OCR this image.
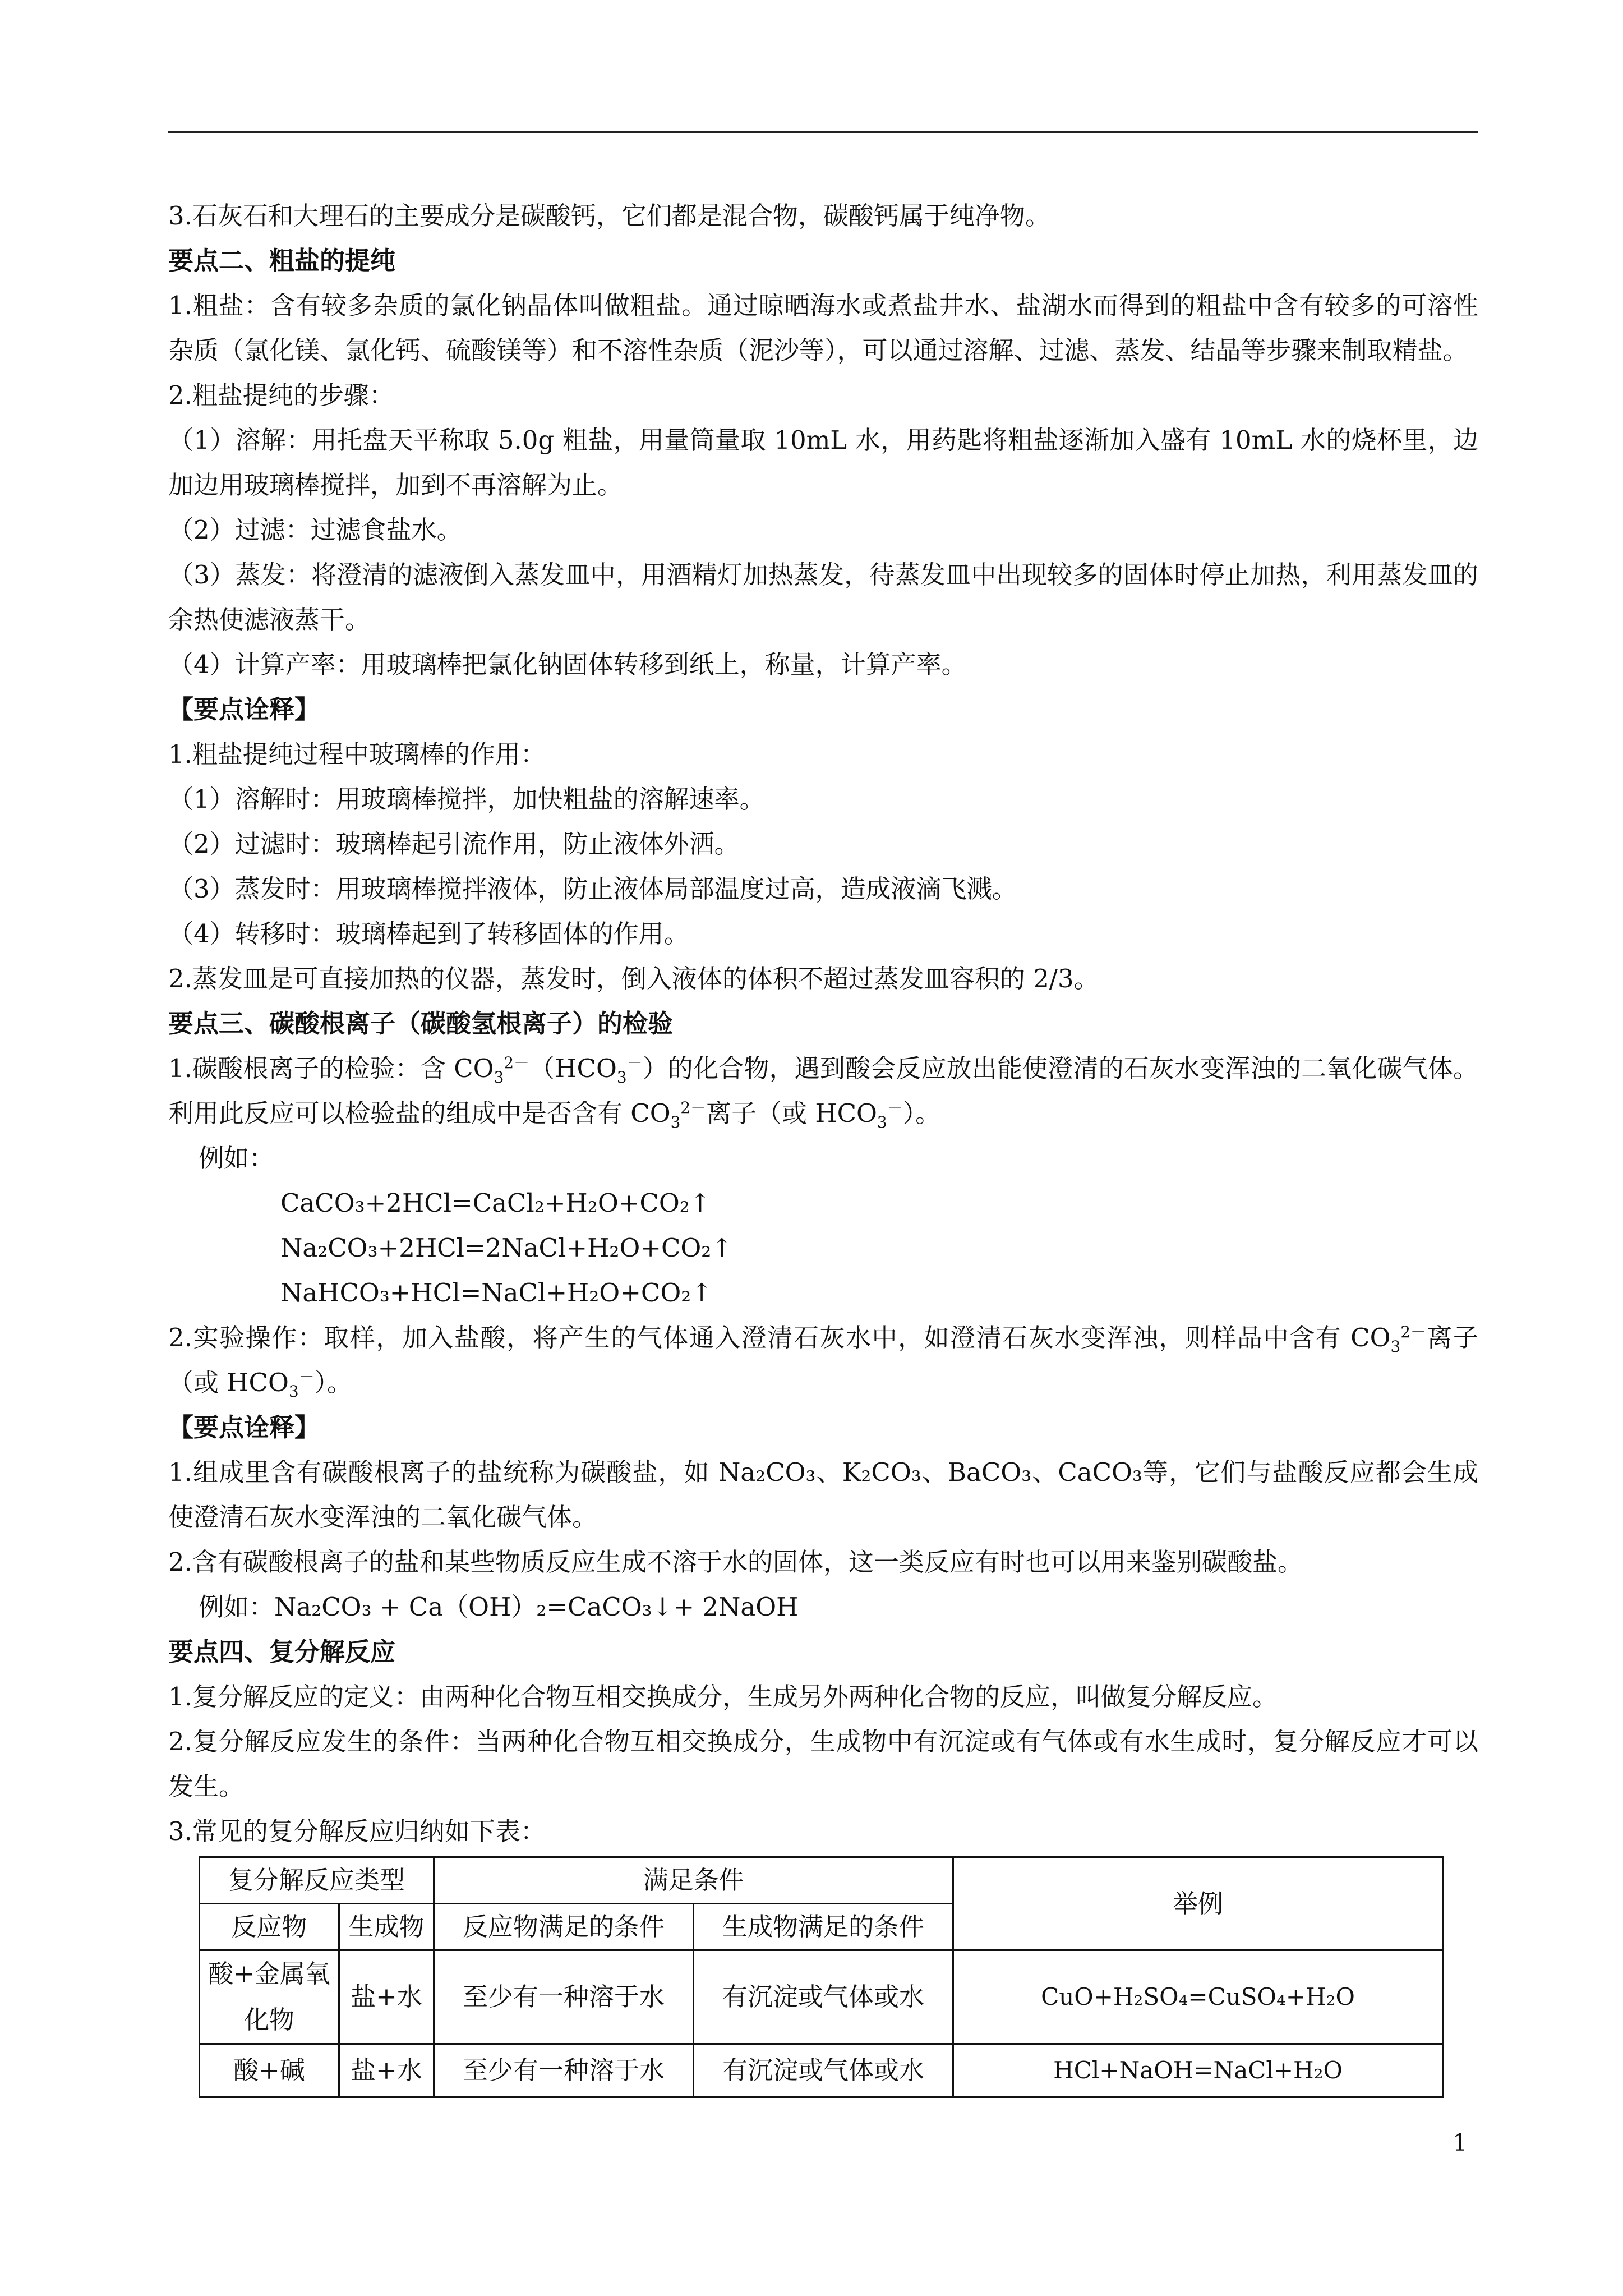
3.石灰石和大理石的主要成分是碳酸钙，它们都是混合物，碳酸钙属于纯净物。

要点二、粗盐的提纯

1.粗盐：含有较多杂质的氯化钠晶体叫做粗盐。通过晾晒海水或煮盐井水、盐湖水而得到的粗盐中含有较多的可溶性杂质（氯化镁、氯化钙、硫酸镁等）和不溶性杂质（泥沙等），可以通过溶解、过滤、蒸发、结晶等步骤来制取精盐。

2.粗盐提纯的步骤：

（1）溶解：用托盘天平称取 5.0g 粗盐，用量筒量取 10mL 水，用药匙将粗盐逐渐加入盛有 10mL 水的烧杯里，边加边用玻璃棒搅拌，加到不再溶解为止。

（2）过滤：过滤食盐水。

（3）蒸发：将澄清的滤液倒入蒸发皿中，用酒精灯加热蒸发，待蒸发皿中出现较多的固体时停止加热，利用蒸发皿的余热使滤液蒸干。

（4）计算产率：用玻璃棒把氯化钠固体转移到纸上，称量，计算产率。

【要点诠释】

1.粗盐提纯过程中玻璃棒的作用：

（1）溶解时：用玻璃棒搅拌，加快粗盐的溶解速率。

（2）过滤时：玻璃棒起引流作用，防止液体外洒。

（3）蒸发时：用玻璃棒搅拌液体，防止液体局部温度过高，造成液滴飞溅。

（4）转移时：玻璃棒起到了转移固体的作用。

2.蒸发皿是可直接加热的仪器，蒸发时，倒入液体的体积不超过蒸发皿容积的 2/3。

要点三、碳酸根离子（碳酸氢根离子）的检验

1.碳酸根离子的检验：含 $CO_3^{2-}(HCO_3^-)$的化合物，遇到酸会反应放出能使澄清的石灰水变浑浊的二氧化碳气体。利用此反应可以检验盐的组成中是否含有 $CO_3^{2-}$离子（或 $HCO_3^-$）。

例如：

CaCO₃+2HCl=CaCl₂+H₂O+CO₂↑

Na₂CO₃+2HCl=2NaCl+H₂O+CO₂↑

NaHCO₃+HCl=NaCl+H₂O+CO₂↑

2.实验操作：取样，加入盐酸，将产生的气体通入澄清石灰水中，如澄清石灰水变浑浊，则样品中含有 $CO_3^{2-}$离子（或 $HCO_3^-$）。

【要点诠释】

1.组成里含有碳酸根离子的盐统称为碳酸盐，如 Na₂CO₃、K₂CO₃、BaCO₃、CaCO₃等，它们与盐酸反应都会生成使澄清石灰水变浑浊的二氧化碳气体。

2.含有碳酸根离子的盐和某些物质反应生成不溶于水的固体，这一类反应有时也可以用来鉴别碳酸盐。

例如：Na₂CO₃ + Ca（OH）₂=CaCO₃↓+ 2NaOH

要点四、复分解反应

1.复分解反应的定义：由两种化合物互相交换成分，生成另外两种化合物的反应，叫做复分解反应。

2.复分解反应发生的条件：当两种化合物互相交换成分，生成物中有沉淀或有气体或有水生成时，复分解反应才可以发生。

3.常见的复分解反应归纳如下表：

复分解反应类型		满足条件		举例
反应物	生成物	反应物满足的条件	生成物满足的条件	
酸+金属氧化物	盐+水	至少有一种溶于水	有沉淀或气体或水	CuO+H₂SO₄=CuSO₄+H₂O
酸+碱	盐+水	至少有一种溶于水	有沉淀或气体或水	HCl+NaOH=NaCl+H₂O
1
